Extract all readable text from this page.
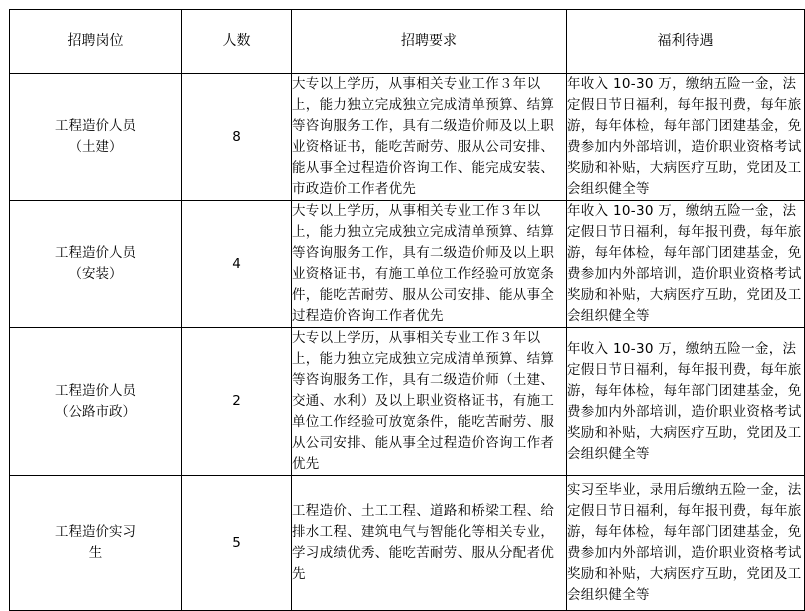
招聘岗位	人数	招聘要求	福利待遇

工程造价人员
（土建）	8	大专以上学历，从事相关专业工作３年以上，能力独立完成独立完成清单预算、结算等咨询服务工作，具有二级造价师及以上职业资格证书，能吃苦耐劳、服从公司安排、能从事全过程造价咨询工作、能完成安装、市政造价工作者优先	年收入 10-30 万，缴纳五险一金，法定假日节日福利，每年报刊费，每年旅游，每年体检，每年部门团建基金，免费参加内外部培训，造价职业资格考试奖励和补贴，大病医疗互助，党团及工会组织健全等

工程造价人员
（安装）	4	大专以上学历，从事相关专业工作３年以上，能力独立完成独立完成清单预算、结算等咨询服务工作，具有二级造价师及以上职业资格证书，有施工单位工作经验可放宽条件，能吃苦耐劳、服从公司安排、能从事全过程造价咨询工作者优先	年收入 10-30 万，缴纳五险一金，法定假日节日福利，每年报刊费，每年旅游，每年体检，每年部门团建基金，免费参加内外部培训，造价职业资格考试奖励和补贴，大病医疗互助，党团及工会组织健全等

工程造价人员
（公路市政）	2	大专以上学历，从事相关专业工作３年以上，能力独立完成独立完成清单预算、结算等咨询服务工作，具有二级造价师（土建、交通、水利）及以上职业资格证书，有施工单位工作经验可放宽条件，能吃苦耐劳、服从公司安排、能从事全过程造价咨询工作者优先	年收入 10-30 万，缴纳五险一金，法定假日节日福利，每年报刊费，每年旅游，每年体检，每年部门团建基金，免费参加内外部培训，造价职业资格考试奖励和补贴，大病医疗互助，党团及工会组织健全等

工程造价实习
生	5	工程造价、土工工程、道路和桥梁工程、给排水工程、建筑电气与智能化等相关专业，学习成绩优秀、能吃苦耐劳、服从分配者优先	实习至毕业，录用后缴纳五险一金，法定假日节日福利，每年报刊费，每年旅游，每年体检，每年部门团建基金，免费参加内外部培训，造价职业资格考试奖励和补贴，大病医疗互助，党团及工会组织健全等
